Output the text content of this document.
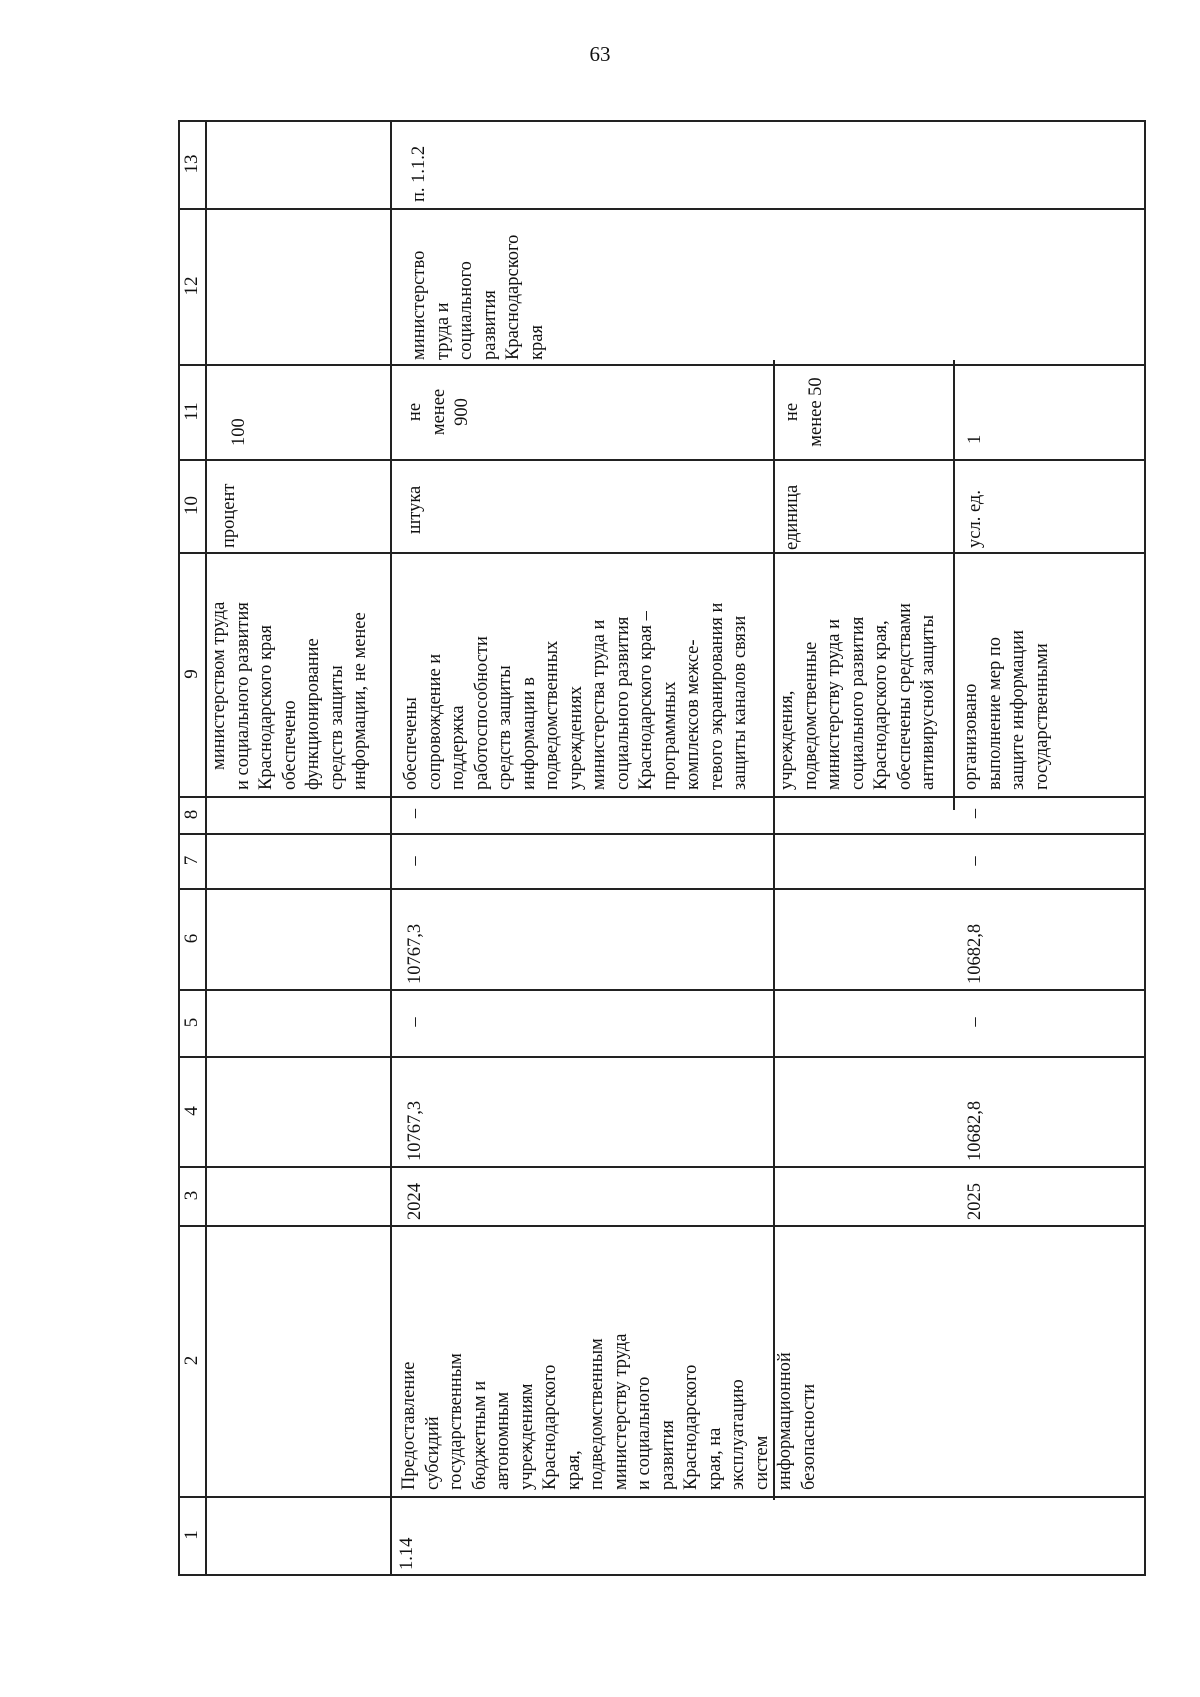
63
13
12
11
10
9
8
7
6
5
4
3
2
1
министерством труда и социального развития Краснодарского края обеспечено функционирование средств защиты информации, не менее
процент
100
1.14
Предоставление субсидий государственным бюджетным и автономным учреждениям Краснодарского края, подведомственным министерству труда и социального развития Краснодарского края, на эксплуатацию систем информационной безопасности
2024
10767,3
–
10767,3
–
–
обеспечены сопровождение и поддержка работоспособности средств защиты информации в подведомственных учреждениях министерства труда и социального развития Краснодарского края – программных комплексов межсе- тевого экранирования и защиты каналов связи
штука
не менее 900
учреждения, подведомственные министерству труда и социального развития Краснодарского края, обеспечены средствами антивирусной защиты
единица
не менее 50
министерство труда и социального развития Краснодарского края
п. 1.1.2
2025
10682,8
–
10682,8
–
–
организовано выполнение мер по защите информации государственными
усл. ед.
1
